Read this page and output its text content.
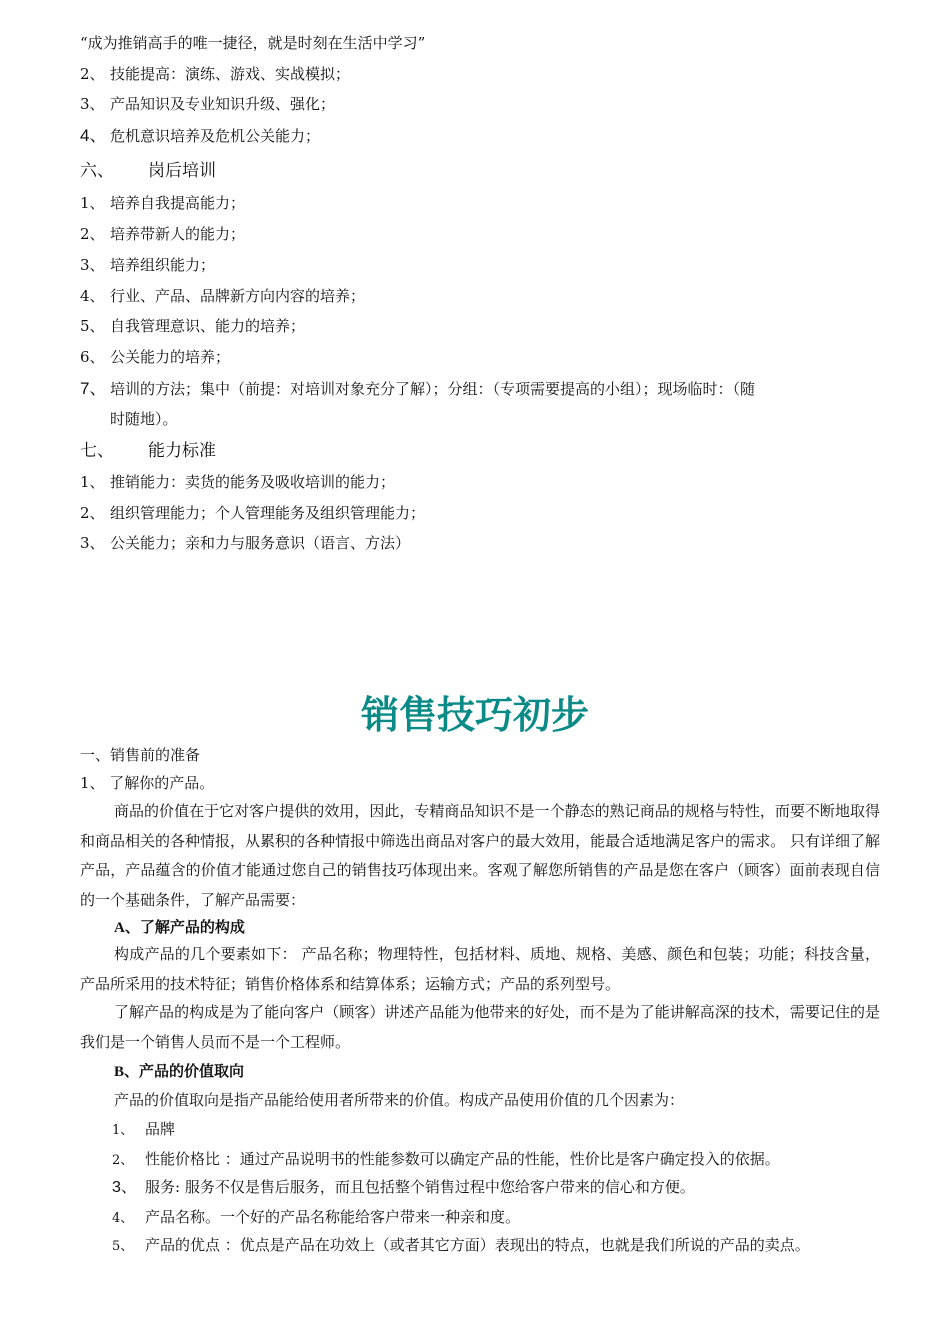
“成为推销高手的唯一捷径，就是时刻在生活中学习”
2、 技能提高：演练、游戏、实战模拟；
3、 产品知识及专业知识升级、强化；
4、 危机意识培养及危机公关能力；
六、 岗后培训
1、 培养自我提高能力；
2、 培养带新人的能力；
3、 培养组织能力；
4、 行业、产品、品牌新方向内容的培养；
5、 自我管理意识、能力的培养；
6、 公关能力的培养；
7、 培训的方法；集中（前提：对培训对象充分了解）；分组：（专项需要提高的小组）；现场临时：（随
时随地）。
七、 能力标准
1、 推销能力：卖货的能务及吸收培训的能力；
2、 组织管理能力；个人管理能务及组织管理能力；
3、 公关能力；亲和力与服务意识（语言、方法）
销售技巧初步
一、销售前的准备
1、 了解你的产品。
商品的价值在于它对客户提供的效用，因此，专精商品知识不是一个静态的熟记商品的规格与特性，而要不断地取得和商品相关的各种情报，从累积的各种情报中筛选出商品对客户的最大效用，能最合适地满足客户的需求。 只有详细了解产品，产品蕴含的价值才能通过您自己的销售技巧体现出来。客观了解您所销售的产品是您在客户（顾客）面前表现自信的一个基础条件，了解产品需要：
A、了解产品的构成
构成产品的几个要素如下： 产品名称；物理特性，包括材料、质地、规格、美感、颜色和包装；功能；科技含量，产品所采用的技术特征；销售价格体系和结算体系；运输方式；产品的系列型号。
了解产品的构成是为了能向客户（顾客）讲述产品能为他带来的好处，而不是为了能讲解高深的技术，需要记住的是我们是一个销售人员而不是一个工程师。
B、产品的价值取向
产品的价值取向是指产品能给使用者所带来的价值。构成产品使用价值的几个因素为：
1、 品牌
2、 性能价格比 ：通过产品说明书的性能参数可以确定产品的性能，性价比是客户确定投入的依据。
3、 服务: 服务不仅是售后服务，而且包括整个销售过程中您给客户带来的信心和方便。
4、 产品名称。一个好的产品名称能给客户带来一种亲和度。
5、 产品的优点 ：优点是产品在功效上（或者其它方面）表现出的特点，也就是我们所说的产品的卖点。
